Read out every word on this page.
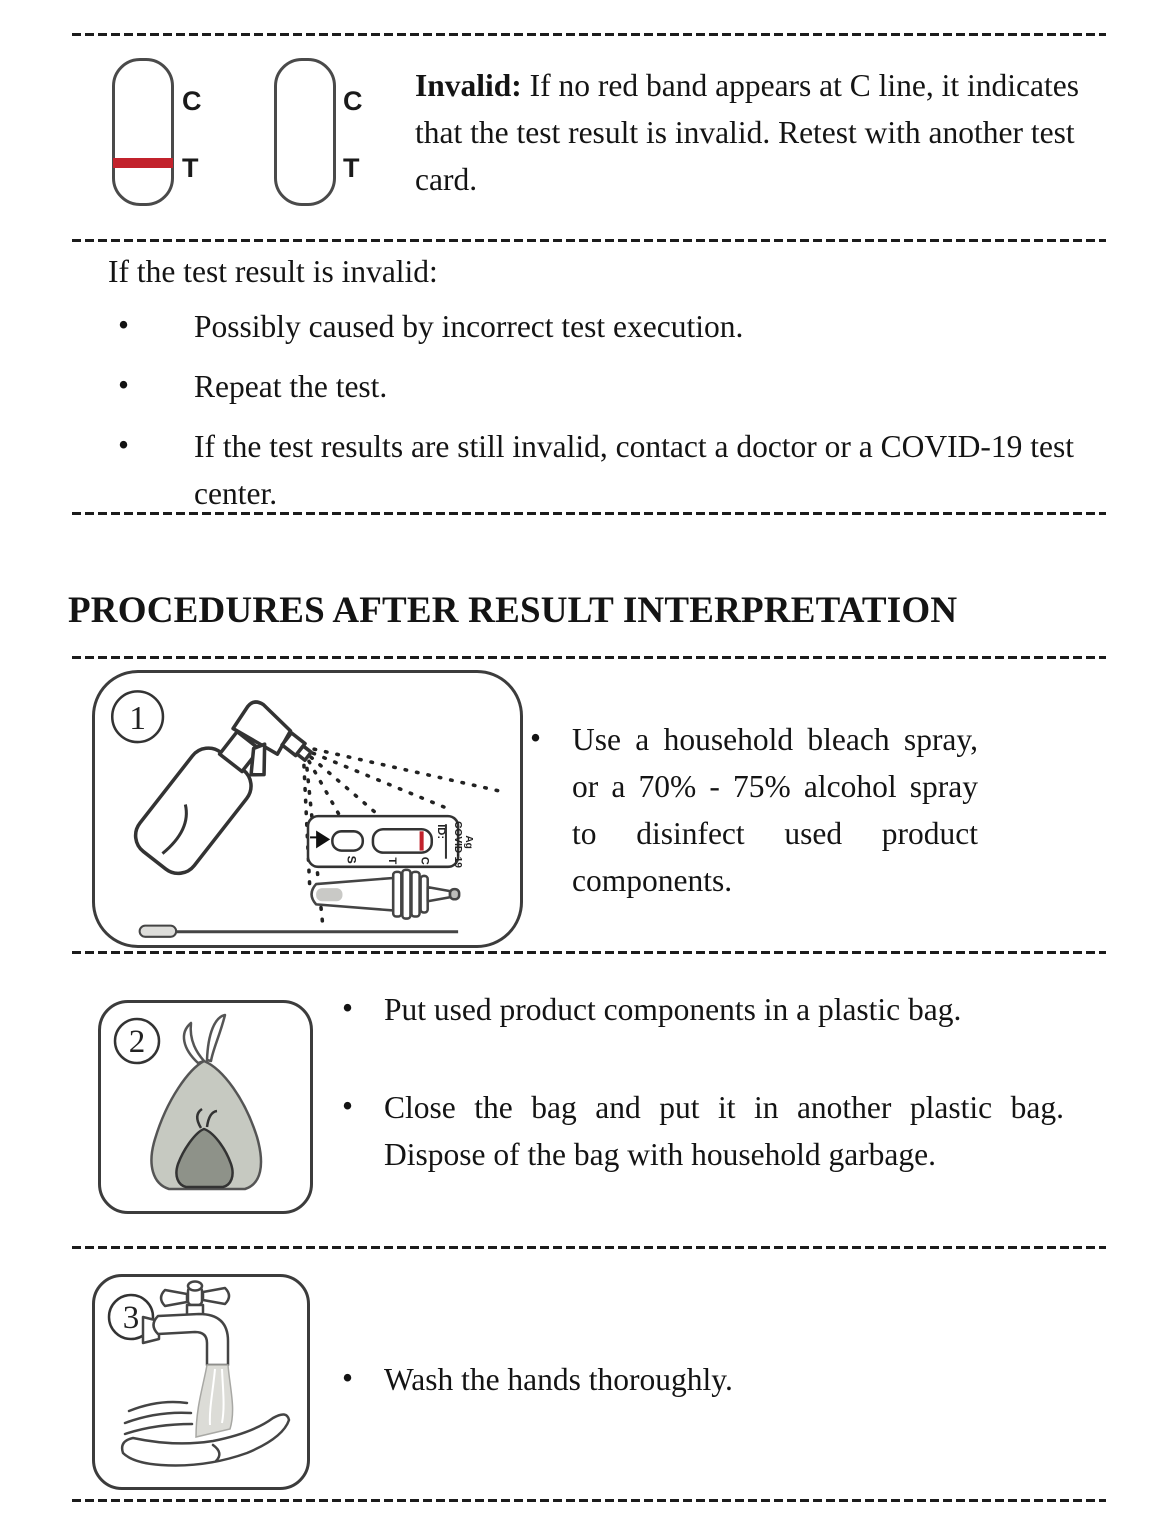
C
T
C
T
Invalid: If no red band appears at C line, it indicates that the test result is invalid. Retest with another test card.
If the test result is invalid:
• Possibly caused by incorrect test execution.
• Repeat the test.
• If the test results are still invalid, contact a doctor or a COVID-19 test center.
PROCEDURES AFTER RESULT INTERPRETATION
1
S	T C
ID: COVID-19 Ag
• Use a household bleach spray, or a 70% - 75% alcohol spray to disinfect used product components.
2
• Put used product components in a plastic bag.
• Close the bag and put it in another plastic bag. Dispose of the bag with household garbage.
3
• Wash the hands thoroughly.
